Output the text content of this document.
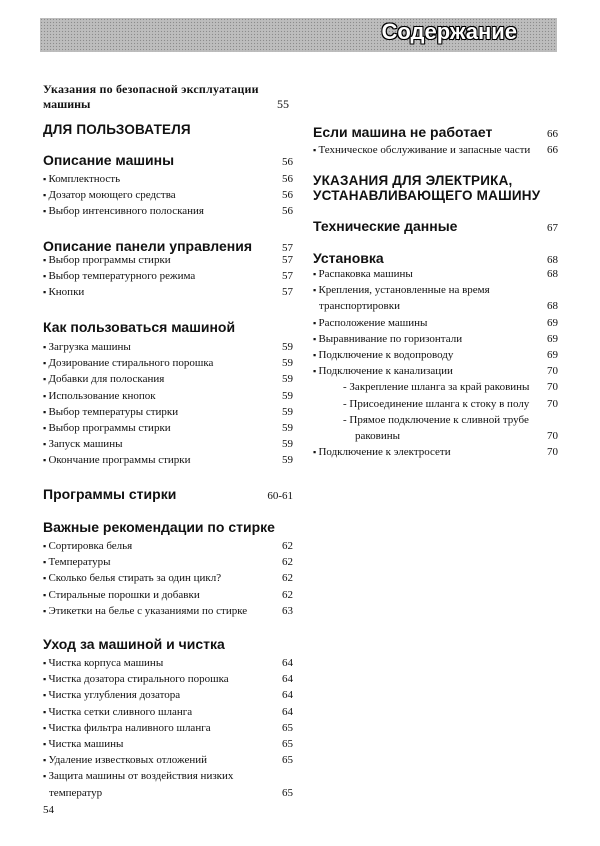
Содержание
Указания по безопасной эксплуатации
машины	55
ДЛЯ ПОЛЬЗОВАТЕЛЯ
Описание машины	56
▪ Комплектность	56
▪ Дозатор моющего средства	56
▪ Выбор интенсивного полоскания	56
Описание панели управления	57
▪ Выбор программы стирки	57
▪ Выбор температурного режима	57
▪ Кнопки	57
Как пользоваться машиной
▪ Загрузка машины	59
▪ Дозирование стирального порошка	59
▪ Добавки для полоскания	59
▪ Использование кнопок	59
▪ Выбор температуры стирки	59
▪ Выбор программы стирки	59
▪ Запуск машины	59
▪ Окончание программы стирки	59
Программы стирки	60-61
Важные рекомендации по стирке
▪ Сортировка белья	62
▪ Температуры	62
▪ Сколько белья стирать за один цикл?	62
▪ Стиральные порошки и добавки	62
▪ Этикетки на белье с указаниями по стирке	63
Уход за машиной и чистка
▪ Чистка корпуса машины	64
▪ Чистка дозатора стирального порошка	64
▪ Чистка углубления дозатора	64
▪ Чистка сетки сливного шланга	64
▪ Чистка фильтра наливного шланга	65
▪ Чистка машины	65
▪ Удаление известковых отложений	65
▪ Защита машины от воздействия низких
температур	65
Если машина не работает	66
▪ Техническое обслуживание и запасные части	66
УКАЗАНИЯ ДЛЯ ЭЛЕКТРИКА,
УСТАНАВЛИВАЮЩЕГО МАШИНУ
Технические данные	67
Установка	68
▪ Распаковка машины	68
▪ Крепления, установленные на время
транспортировки	68
▪ Расположение машины	69
▪ Выравнивание по горизонтали	69
▪ Подключение к водопроводу	69
▪ Подключение к канализации	70
- Закрепление шланга за край раковины	70
- Присоединение шланга к стоку в полу	70
- Прямое подключение к сливной трубе
раковины	70
▪ Подключение к электросети	70
54
